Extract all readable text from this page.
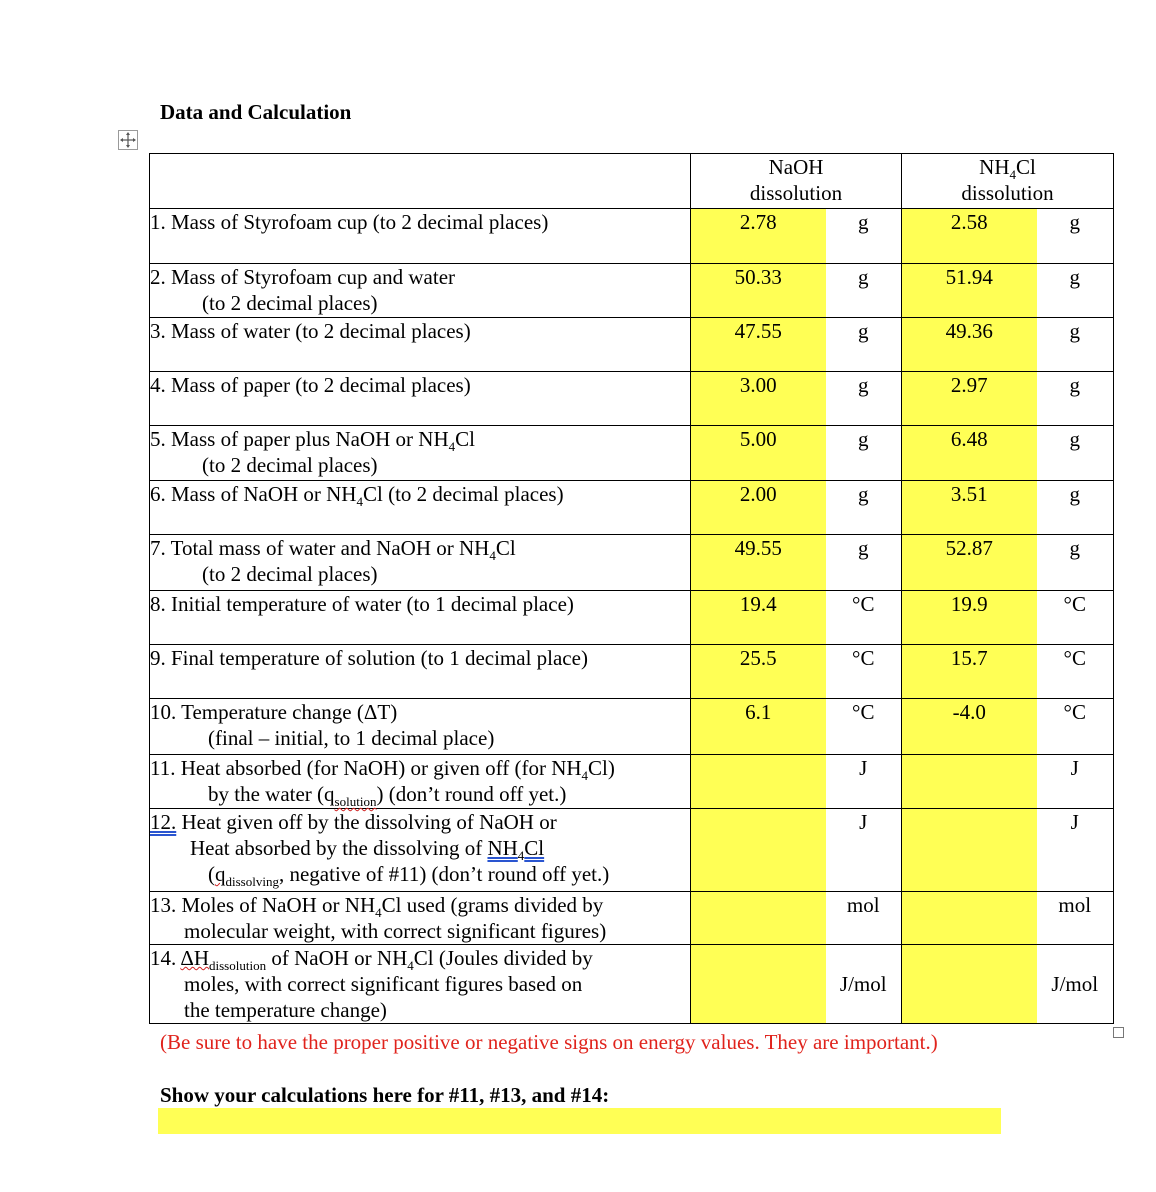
Data and Calculation
	NaOH
dissolution		$NH_4Cl$
dissolution	
1. Mass of Styrofoam cup (to 2 decimal places)	2.78	g	2.58	g
2. Mass of Styrofoam cup and water
(to 2 decimal places)	50.33	g	51.94	g
3. Mass of water (to 2 decimal places)	47.55	g	49.36	g
4. Mass of paper (to 2 decimal places)	3.00	g	2.97	g
5. Mass of paper plus NaOH or $NH_4Cl$
(to 2 decimal places)	5.00	g	6.48	g
6. Mass of NaOH or $NH_4Cl$ (to 2 decimal places)	2.00	g	3.51	g
7. Total mass of water and NaOH or $NH_4Cl$
(to 2 decimal places)	49.55	g	52.87	g
8. Initial temperature of water (to 1 decimal place)	19.4	°C	19.9	°C
9. Final temperature of solution (to 1 decimal place)	25.5	°C	15.7	°C
10. Temperature change (ΔT)
(final – initial, to 1 decimal place)	6.1	°C	-4.0	°C
11. Heat absorbed (for NaOH) or given off (for $NH_4Cl$)
by the water $(q_{solution})$ (don’t round off yet.)		J		J
12. Heat given off by the dissolving of NaOH or
Heat absorbed by the dissolving of $NH_4Cl$
($q_{dissolving}$, negative of #11) (don’t round off yet.)		J		J
13. Moles of NaOH or $NH_4Cl$ used (grams divided by
molecular weight, with correct significant figures)		mol		mol
14. $\Delta H_{dissolution}$ of NaOH or $NH_4Cl$ (Joules divided by
moles, with correct significant figures based on
the temperature change)		J/mol		J/mol
(Be sure to have the proper positive or negative signs on energy values. They are important.)
Show your calculations here for #11, #13, and #14:
